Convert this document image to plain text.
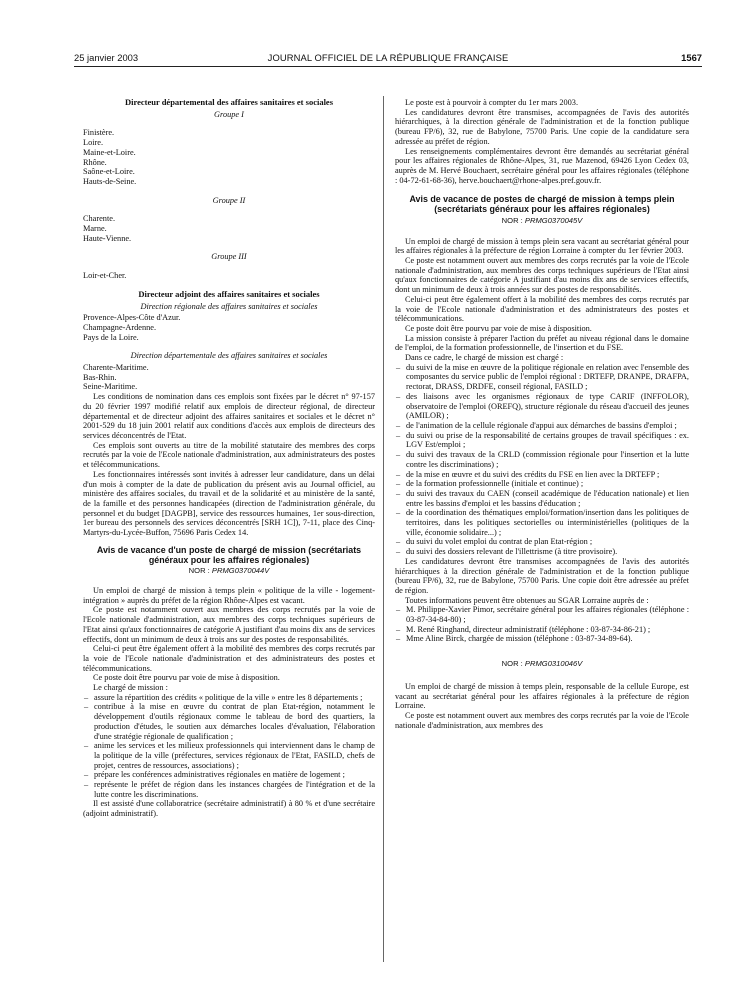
25 janvier 2003	JOURNAL OFFICIEL DE LA RÉPUBLIQUE FRANÇAISE	1567

Directeur départemental des affaires sanitaires et sociales

Groupe I

Finistère.

Loire.

Maine-et-Loire.

Rhône.

Saône-et-Loire.

Hauts-de-Seine.

Groupe II

Charente.

Marne.

Haute-Vienne.

Groupe III

Loir-et-Cher.

Directeur adjoint des affaires sanitaires et sociales

Direction régionale des affaires sanitaires et sociales

Provence-Alpes-Côte d'Azur.

Champagne-Ardenne.

Pays de la Loire.

Direction départementale des affaires sanitaires et sociales

Charente-Maritime.

Bas-Rhin.

Seine-Maritime.

Les conditions de nomination dans ces emplois sont fixées par le décret n° 97-157 du 20 février 1997 modifié relatif aux emplois de directeur régional, de directeur départemental et de directeur adjoint des affaires sanitaires et sociales et le décret n° 2001-529 du 18 juin 2001 relatif aux conditions d'accès aux emplois de directeurs des services déconcentrés de l'Etat.

Ces emplois sont ouverts au titre de la mobilité statutaire des membres des corps recrutés par la voie de l'Ecole nationale d'administration, aux administrateurs des postes et télécommunications.

Les fonctionnaires intéressés sont invités à adresser leur candidature, dans un délai d'un mois à compter de la date de publication du présent avis au Journal officiel, au ministère des affaires sociales, du travail et de la solidarité et au ministère de la santé, de la famille et des personnes handicapées (direction de l'administration générale, du personnel et du budget [DAGPB], service des ressources humaines, 1er sous-direction, 1er bureau des personnels des services déconcentrés [SRH 1C]), 7-11, place des Cinq-Martyrs-du-Lycée-Buffon, 75696 Paris Cedex 14.

Avis de vacance d'un poste de chargé de mission (secrétariats généraux pour les affaires régionales)

NOR : PRMG0370044V

Un emploi de chargé de mission à temps plein « politique de la ville - logement-intégration » auprès du préfet de la région Rhône-Alpes est vacant.

Ce poste est notamment ouvert aux membres des corps recrutés par la voie de l'Ecole nationale d'administration, aux membres des corps techniques supérieurs de l'Etat ainsi qu'aux fonctionnaires de catégorie A justifiant d'au moins dix ans de services effectifs, dont un minimum de deux à trois ans sur des postes de responsabilités.

Celui-ci peut être également offert à la mobilité des membres des corps recrutés par la voie de l'Ecole nationale d'administration et des administrateurs des postes et télécommunications.

Ce poste doit être pourvu par voie de mise à disposition.

Le chargé de mission :

– assure la répartition des crédits « politique de la ville » entre les 8 départements ;
– contribue à la mise en œuvre du contrat de plan Etat-région, notamment le développement d'outils régionaux comme le tableau de bord des quartiers, la production d'études, le soutien aux démarches locales d'évaluation, l'élaboration d'une stratégie régionale de qualification ;
– anime les services et les milieux professionnels qui interviennent dans le champ de la politique de la ville (préfectures, services régionaux de l'Etat, FASILD, chefs de projet, centres de ressources, associations) ;
– prépare les conférences administratives régionales en matière de logement ;
– représente le préfet de région dans les instances chargées de l'intégration et de la lutte contre les discriminations.

Il est assisté d'une collaboratrice (secrétaire administratif) à 80 % et d'une secrétaire (adjoint administratif).

Le poste est à pourvoir à compter du 1er mars 2003.

Les candidatures devront être transmises, accompagnées de l'avis des autorités hiérarchiques, à la direction générale de l'administration et de la fonction publique (bureau FP/6), 32, rue de Babylone, 75700 Paris. Une copie de la candidature sera adressée au préfet de région.

Les renseignements complémentaires devront être demandés au secrétariat général pour les affaires régionales de Rhône-Alpes, 31, rue Mazenod, 69426 Lyon Cedex 03, auprès de M. Hervé Bouchaert, secrétaire général pour les affaires régionales (téléphone : 04-72-61-68-36), herve.bouchaert@rhone-alpes.pref.gouv.fr.

Avis de vacance de postes de chargé de mission à temps plein (secrétariats généraux pour les affaires régionales)

NOR : PRMG0370045V

Un emploi de chargé de mission à temps plein sera vacant au secrétariat général pour les affaires régionales à la préfecture de région Lorraine à compter du 1er février 2003.

Ce poste est notamment ouvert aux membres des corps recrutés par la voie de l'Ecole nationale d'administration, aux membres des corps techniques supérieurs de l'Etat ainsi qu'aux fonctionnaires de catégorie A justifiant d'au moins dix ans de services effectifs, dont un minimum de deux à trois années sur des postes de responsabilités.

Celui-ci peut être également offert à la mobilité des membres des corps recrutés par la voie de l'Ecole nationale d'administration et des administrateurs des postes et télécommunications.

Ce poste doit être pourvu par voie de mise à disposition.

La mission consiste à préparer l'action du préfet au niveau régional dans le domaine de l'emploi, de la formation professionnelle, de l'insertion et du FSE.

Dans ce cadre, le chargé de mission est chargé :

– du suivi de la mise en œuvre de la politique régionale en relation avec l'ensemble des composantes du service public de l'emploi régional : DRTEFP, DRANPE, DRAFPA, rectorat, DRASS, DRDFE, conseil régional, FASILD ;
– des liaisons avec les organismes régionaux de type CARIF (INFFOLOR), observatoire de l'emploi (OREFQ), structure régionale du réseau d'accueil des jeunes (AMILOR) ;
– de l'animation de la cellule régionale d'appui aux démarches de bassins d'emploi ;
– du suivi ou prise de la responsabilité de certains groupes de travail spécifiques : ex. LGV Est/emploi ;
– du suivi des travaux de la CRLD (commission régionale pour l'insertion et la lutte contre les discriminations) ;
– de la mise en œuvre et du suivi des crédits du FSE en lien avec la DRTEFP ;
– de la formation professionnelle (initiale et continue) ;
– du suivi des travaux du CAEN (conseil académique de l'éducation nationale) et lien entre les bassins d'emploi et les bassins d'éducation ;
– de la coordination des thématiques emploi/formation/insertion dans les politiques de territoires, dans les politiques sectorielles ou interministérielles (politiques de la ville, économie solidaire...) ;
– du suivi du volet emploi du contrat de plan Etat-région ;
– du suivi des dossiers relevant de l'illettrisme (à titre provisoire).

Les candidatures devront être transmises accompagnées de l'avis des autorités hiérarchiques à la direction générale de l'administration et de la fonction publique (bureau FP/6), 32, rue de Babylone, 75700 Paris. Une copie doit être adressée au préfet de région.

Toutes informations peuvent être obtenues au SGAR Lorraine auprès de :

– M. Philippe-Xavier Pimor, secrétaire général pour les affaires régionales (téléphone : 03-87-34-84-80) ;
– M. René Ringhand, directeur administratif (téléphone : 03-87-34-86-21) ;
– Mme Aline Birck, chargée de mission (téléphone : 03-87-34-89-64).

NOR : PRMG0310046V

Un emploi de chargé de mission à temps plein, responsable de la cellule Europe, est vacant au secrétariat général pour les affaires régionales à la préfecture de région Lorraine.

Ce poste est notamment ouvert aux membres des corps recrutés par la voie de l'Ecole nationale d'administration, aux membres des
